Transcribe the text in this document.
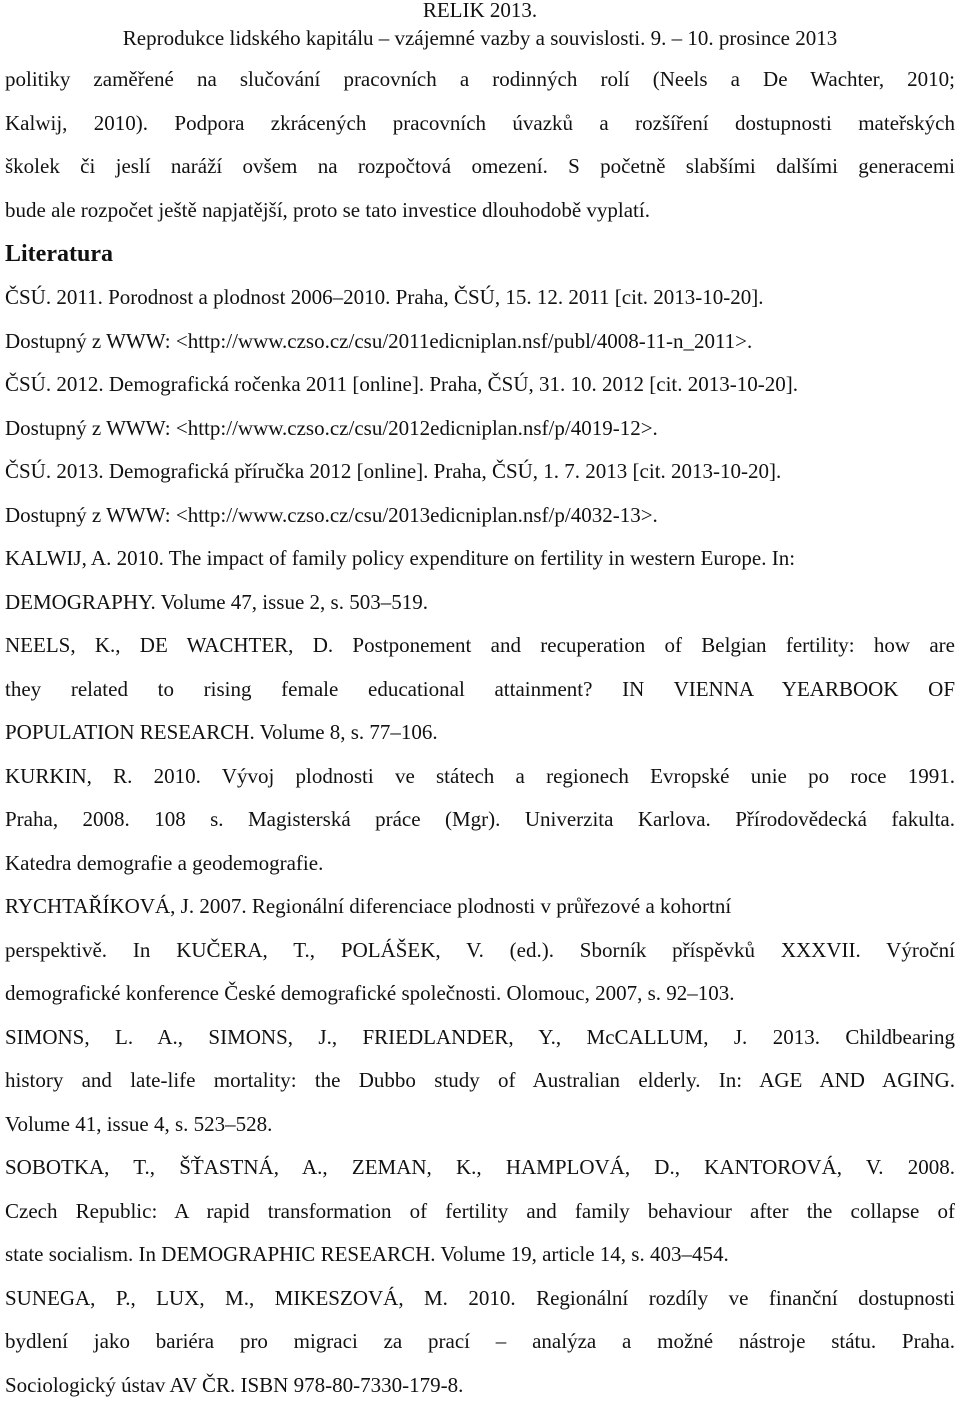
RELIK 2013.
Reprodukce lidského kapitálu – vzájemné vazby a souvislosti. 9. – 10. prosince 2013

politiky zaměřené na slučování pracovních a rodinných rolí (Neels a De Wachter, 2010;
Kalwij, 2010). Podpora zkrácených pracovních úvazků a rozšíření dostupnosti mateřských
školek či jeslí naráží ovšem na rozpočtová omezení. S početně slabšími dalšími generacemi
bude ale rozpočet ještě napjatější, proto se tato investice dlouhodobě vyplatí.

Literatura

ČSÚ. 2011. Porodnost a plodnost 2006–2010. Praha, ČSÚ, 15. 12. 2011 [cit. 2013-10-20].
Dostupný z WWW: <http://www.czso.cz/csu/2011edicniplan.nsf/publ/4008-11-n_2011>.

ČSÚ. 2012. Demografická ročenka 2011 [online]. Praha, ČSÚ, 31. 10. 2012 [cit. 2013-10-20].
Dostupný z WWW: <http://www.czso.cz/csu/2012edicniplan.nsf/p/4019-12>.

ČSÚ. 2013. Demografická příručka 2012 [online]. Praha, ČSÚ, 1. 7. 2013 [cit. 2013-10-20].
Dostupný z WWW: <http://www.czso.cz/csu/2013edicniplan.nsf/p/4032-13>.

KALWIJ, A. 2010. The impact of family policy expenditure on fertility in western Europe. In:
DEMOGRAPHY. Volume 47, issue 2, s. 503–519.

NEELS, K., DE WACHTER, D. Postponement and recuperation of Belgian fertility: how are
they related to rising female educational attainment? IN VIENNA YEARBOOK OF
POPULATION RESEARCH. Volume 8, s. 77–106.

KURKIN, R. 2010. Vývoj plodnosti ve státech a regionech Evropské unie po roce 1991.
Praha, 2008. 108 s. Magisterská práce (Mgr). Univerzita Karlova. Přírodovědecká fakulta.
Katedra demografie a geodemografie.

RYCHTAŘÍKOVÁ, J. 2007. Regionální diferenciace plodnosti v průřezové a kohortní
perspektivě. In KUČERA, T., POLÁŠEK, V. (ed.). Sborník příspěvků XXXVII. Výroční
demografické konference České demografické společnosti. Olomouc, 2007, s. 92–103.

SIMONS, L. A., SIMONS, J., FRIEDLANDER, Y., McCALLUM, J. 2013. Childbearing
history and late-life mortality: the Dubbo study of Australian elderly. In: AGE AND AGING.
Volume 41, issue 4, s. 523–528.

SOBOTKA, T., ŠŤASTNÁ, A., ZEMAN, K., HAMPLOVÁ, D., KANTOROVÁ, V. 2008.
Czech Republic: A rapid transformation of fertility and family behaviour after the collapse of
state socialism. In DEMOGRAPHIC RESEARCH. Volume 19, article 14, s. 403–454.

SUNEGA, P., LUX, M., MIKESZOVÁ, M. 2010. Regionální rozdíly ve finanční dostupnosti
bydlení jako bariéra pro migraci za prací – analýza a možné nástroje státu. Praha.
Sociologický ústav AV ČR. ISBN 978-80-7330-179-8.
